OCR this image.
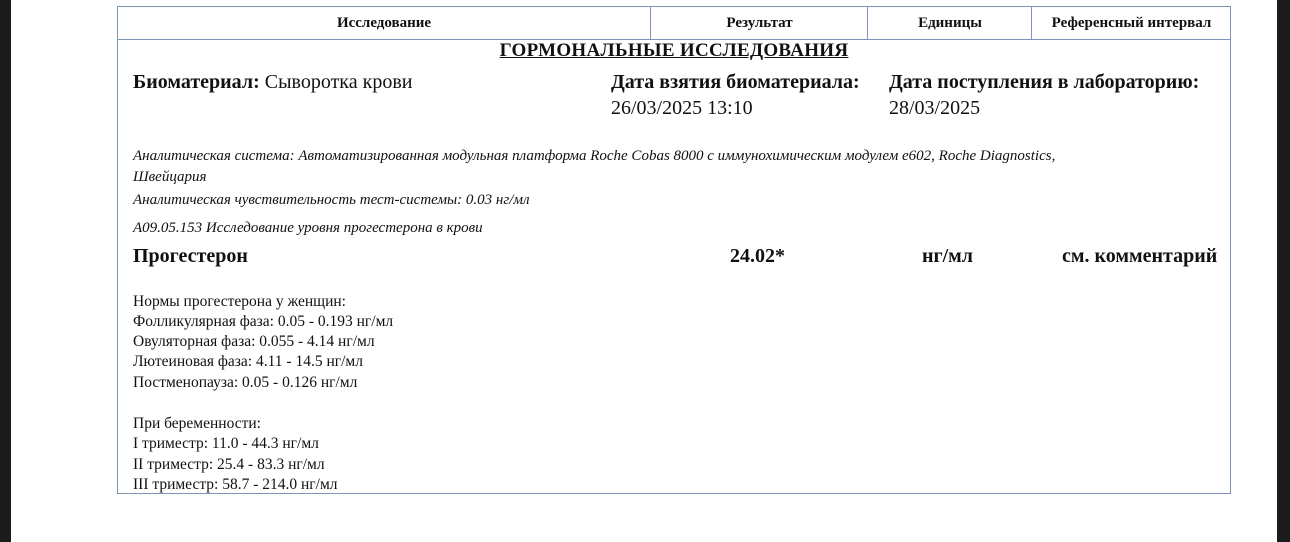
Исследование	Результат	Единицы	Референсный интервал
ГОРМОНАЛЬНЫЕ ИССЛЕДОВАНИЯ
Биоматериал: Сыворотка крови	Дата взятия биоматериала:
26/03/2025 13:10
Дата поступления в лабораторию:
28/03/2025
Аналитическая система: Автоматизированная модульная платформа Roche Cobas 8000 с иммунохимическим модулем e602, Roche Diagnostics,
Швейцария
Аналитическая чувствительность тест-системы: 0.03 нг/мл
A09.05.153 Исследование уровня прогестерона в крови
Прогестерон	24.02*	нг/мл	см. комментарий
Нормы прогестерона у женщин:
Фолликулярная фаза: 0.05 - 0.193 нг/мл
Овуляторная фаза: 0.055 - 4.14 нг/мл
Лютеиновая фаза: 4.11 - 14.5 нг/мл
Постменопауза: 0.05 - 0.126 нг/мл
При беременности:
I триместр: 11.0 - 44.3 нг/мл
II триместр: 25.4 - 83.3 нг/мл
III триместр: 58.7 - 214.0 нг/мл
